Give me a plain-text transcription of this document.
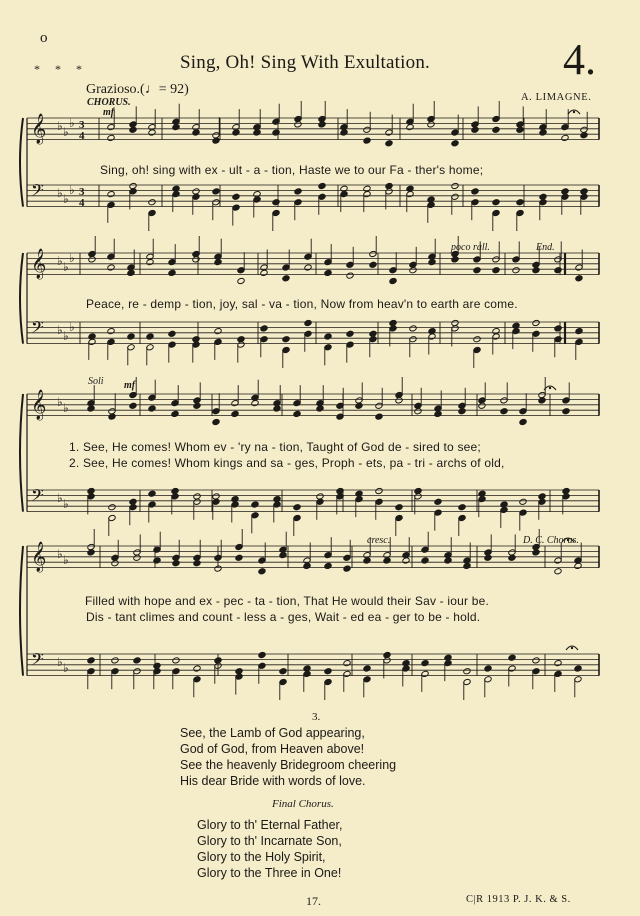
𝄞 ♭ ♭
♭ 3
4
𝄢 ♭ ♭
♭ 3
4
𝄞 ♭ ♭
♭
𝄢 ♭ ♭
♭
𝄞 ♭ ♭
𝄢 ♭ ♭
𝄞 ♭ ♭
𝄢 ♭ ♭
o
* * *	Sing, Oh! Sing With Exultation.	4.
Grazioso.(♩= 92)
A. LIMAGNE.
CHORUS.
mf
poco rall.	End.
Soli mf
cresc.	D. C. Chorus.
Sing, oh! sing with ex - ult - a - tion, Haste we to our Fa - ther's home;
Peace, re - demp - tion, joy, sal - va - tion, Now from heav'n to earth are come.
1. See, He comes! Whom ev - 'ry na - tion, Taught of God de - sired to see;
2. See, He comes! Whom kings and sa - ges, Proph - ets, pa - tri - archs of old,
Filled with hope and ex - pec - ta - tion, That He would their Sav - iour be.
Dis - tant climes and count - less a - ges, Wait - ed ea - ger to be - hold.
3.
See, the Lamb of God appearing,
God of God, from Heaven above!
See the heavenly Bridegroom cheering
His dear Bride with words of love.
Final Chorus.
Glory to th' Eternal Father,
Glory to th' Incarnate Son,
Glory to the Holy Spirit,
Glory to the Three in One!
17.	C|R 1913 P. J. K. & S.
